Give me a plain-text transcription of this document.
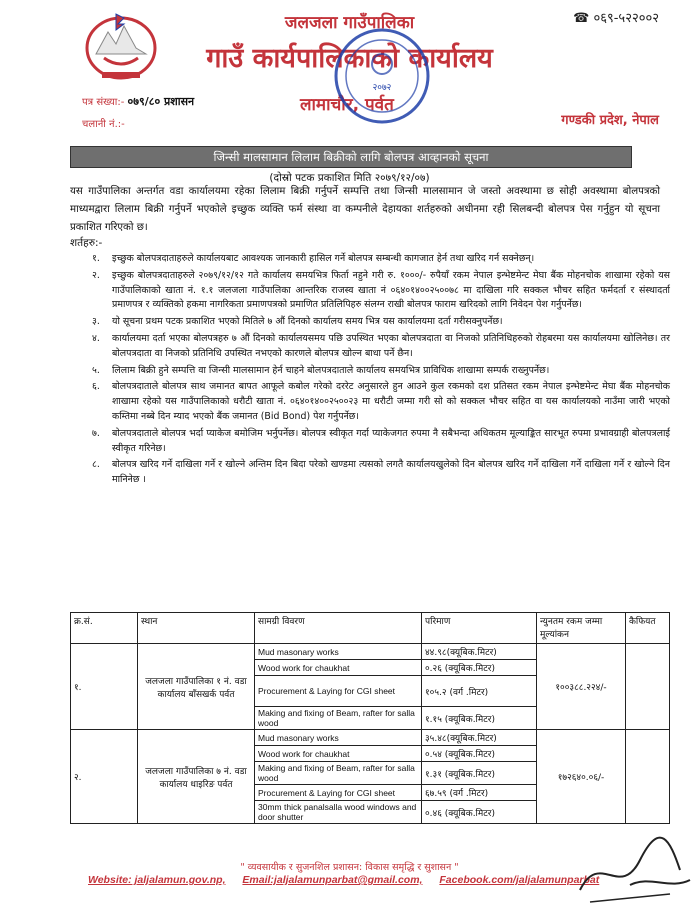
☎ ०६९-५२२००२
जलजला गाउँपालिका
गाउँ कार्यपालिकाको कार्यालय
लामाचौर, पर्वत
गण्डकी प्रदेश, नेपाल
पत्र संख्या:- ०७९/८० प्रशासन
चलानी नं.:-
२०७२
जिन्सी मालसामान लिलाम बिक्रीको लागि बोलपत्र आव्हानको सूचना
(दोस्रो पटक प्रकाशित मिति २०७९/१२/०७)
यस गाउँपालिका अन्तर्गत वडा कार्यालयमा रहेका लिलाम बिक्री गर्नुपर्ने सम्पत्ति तथा जिन्सी मालसामान जे जस्तो अवस्थामा छ सोही अवस्थामा बोलपत्रको माध्यमद्वारा लिलाम बिक्री गर्नुपर्ने भएकोले इच्छुक व्यक्ति फर्म संस्था वा कम्पनीले देहायका शर्तहरुको अधीनमा रही सिलबन्दी बोलपत्र पेस गर्नुहुन यो सूचना प्रकाशित गरिएको छ।
शर्तहरु:-
१. इच्छुक बोलपत्रदाताहरुले कार्यालयबाट आवश्यक जानकारी हासिल गर्ने बोलपत्र सम्बन्धी कागजात हेर्न तथा खरिद गर्न सक्नेछन्।
२. इच्छुक बोलपत्रदाताहरुले २०७९/१२/१२ गते कार्यालय समयभित्र फिर्ता नहुने गरी रु. १०००/- रुपैयाँ रकम नेपाल इन्भेष्टमेन्ट मेघा बैंक मोहनचोक शाखामा रहेको यस गाउँपालिकाको खाता नं. १.१ जलजला गाउँपालिका आन्तरिक राजस्व खाता नं ०६४०१४००२५००७८ मा दाखिला गरि सक्कल भौचर सहित फर्मदर्ता र संस्थादर्ता प्रमाणपत्र र व्यक्तिको हकमा नागरिकता प्रमाणपत्रको प्रमाणित प्रतिलिपिहरु संलग्न राखी बोलपत्र फाराम खरिदको लागि निवेदन पेश गर्नुपर्नेछ।
३. यो सूचना प्रथम पटक प्रकाशित भएको मितिले ७ औं दिनको कार्यालय समय भित्र यस कार्यालयमा दर्ता गरीसक्नुपर्नेछ।
४. कार्यालयमा दर्ता भएका बोलपत्रहरु ७ औं दिनको कार्यालयसमय पछि उपस्थित भएका बोलपत्रदाता वा निजको प्रतिनिधिहरुको रोहबरमा यस कार्यालयमा खोलिनेछ। तर बोलपत्रदाता वा निजको प्रतिनिधि उपस्थित नभएको कारणले बोलपत्र खोल्न बाधा पर्ने छैन।
५. लिलाम बिक्री हुने सम्पत्ति वा जिन्सी मालसामान हेर्न चाहने बोलपत्रदाताले कार्यालय समयभित्र प्राविधिक शाखामा सम्पर्क राख्नुपर्नेछ।
६. बोलपत्रदाताले बोलपत्र साथ जमानत बापत आफूले कबोल गरेको दररेट अनुसारले हुन आउने कुल रकमको दश प्रतिसत रकम नेपाल इन्भेष्टमेन्ट मेघा बैंक मोहनचोक शाखामा रहेको यस गाउँपालिकाको धरौटी खाता नं. ०६४०१४००२५००२३ मा धरौटी जम्मा गरी सो को सक्कल भौचर सहित वा यस कार्यालयको नाउँमा जारी भएको कम्तिमा नब्बे दिन म्याद भएको बैंक जमानत (Bid Bond) पेश गर्नुपर्नेछ।
७. बोलपत्रदाताले बोलपत्र भर्दा प्याकेज बमोजिम भर्नुपर्नेछ। बोलपत्र स्वीकृत गर्दा प्याकेजगत रुपमा नै सबैभन्दा अधिकतम मूल्याङ्कित सारभूत रुपमा प्रभावग्राही बोलपत्रलाई स्वीकृत गरिनेछ।
८. बोलपत्र खरिद गर्ने दाखिला गर्ने र खोल्ने अन्तिम दिन बिदा परेको खण्डमा त्यसको लगतै कार्यालयखुलेको दिन बोलपत्र खरिद गर्ने दाखिला गर्ने दाखिला गर्ने र खोल्ने दिन मानिनेछ ।
क्र.सं.	स्थान	सामग्री विवरण	परिमाण	न्युनतम रकम जम्मा मूल्यांकन	कैफियत
१.	जलजला गाउँपालिका १ नं. वडा कार्यालय बाँसखर्क पर्वत	Mud masonary works	४४.९८(क्यूबिक.मिटर)	१००३८८.२२४/-	
		Wood work for chaukhat	०.२६ (क्यूबिक.मिटर)		
		Procurement & Laying for CGI sheet	१०५.२ (वर्ग .मिटर)		
		Making and fixing of Beam, rafter for salla wood	१.१५ (क्यूबिक.मिटर)		
२.	जलजला गाउँपालिका ७ नं. वडा कार्यालय धाइरिङ पर्वत	Mud masonary works	३५.४८(क्यूबिक.मिटर)	१७२६४०.०६/-	
		Wood work for chaukhat	०.५४ (क्यूबिक.मिटर)		
		Making and fixing of Beam, rafter for salla wood	१.३१ (क्यूबिक.मिटर)		
		Procurement & Laying for CGI sheet	६७.५९ (वर्ग .मिटर)		
		30mm thick panalsalla wood windows and door shutter	०.४६ (क्यूबिक.मिटर)		
" व्यवसायीक र सुजनशिल प्रशासन: विकास समृद्धि र सुशासन "
Website: jaljalamun.gov.np, Email:jaljalamunparbat@gmail.com, Facebook.com/jaljalamunparbat
